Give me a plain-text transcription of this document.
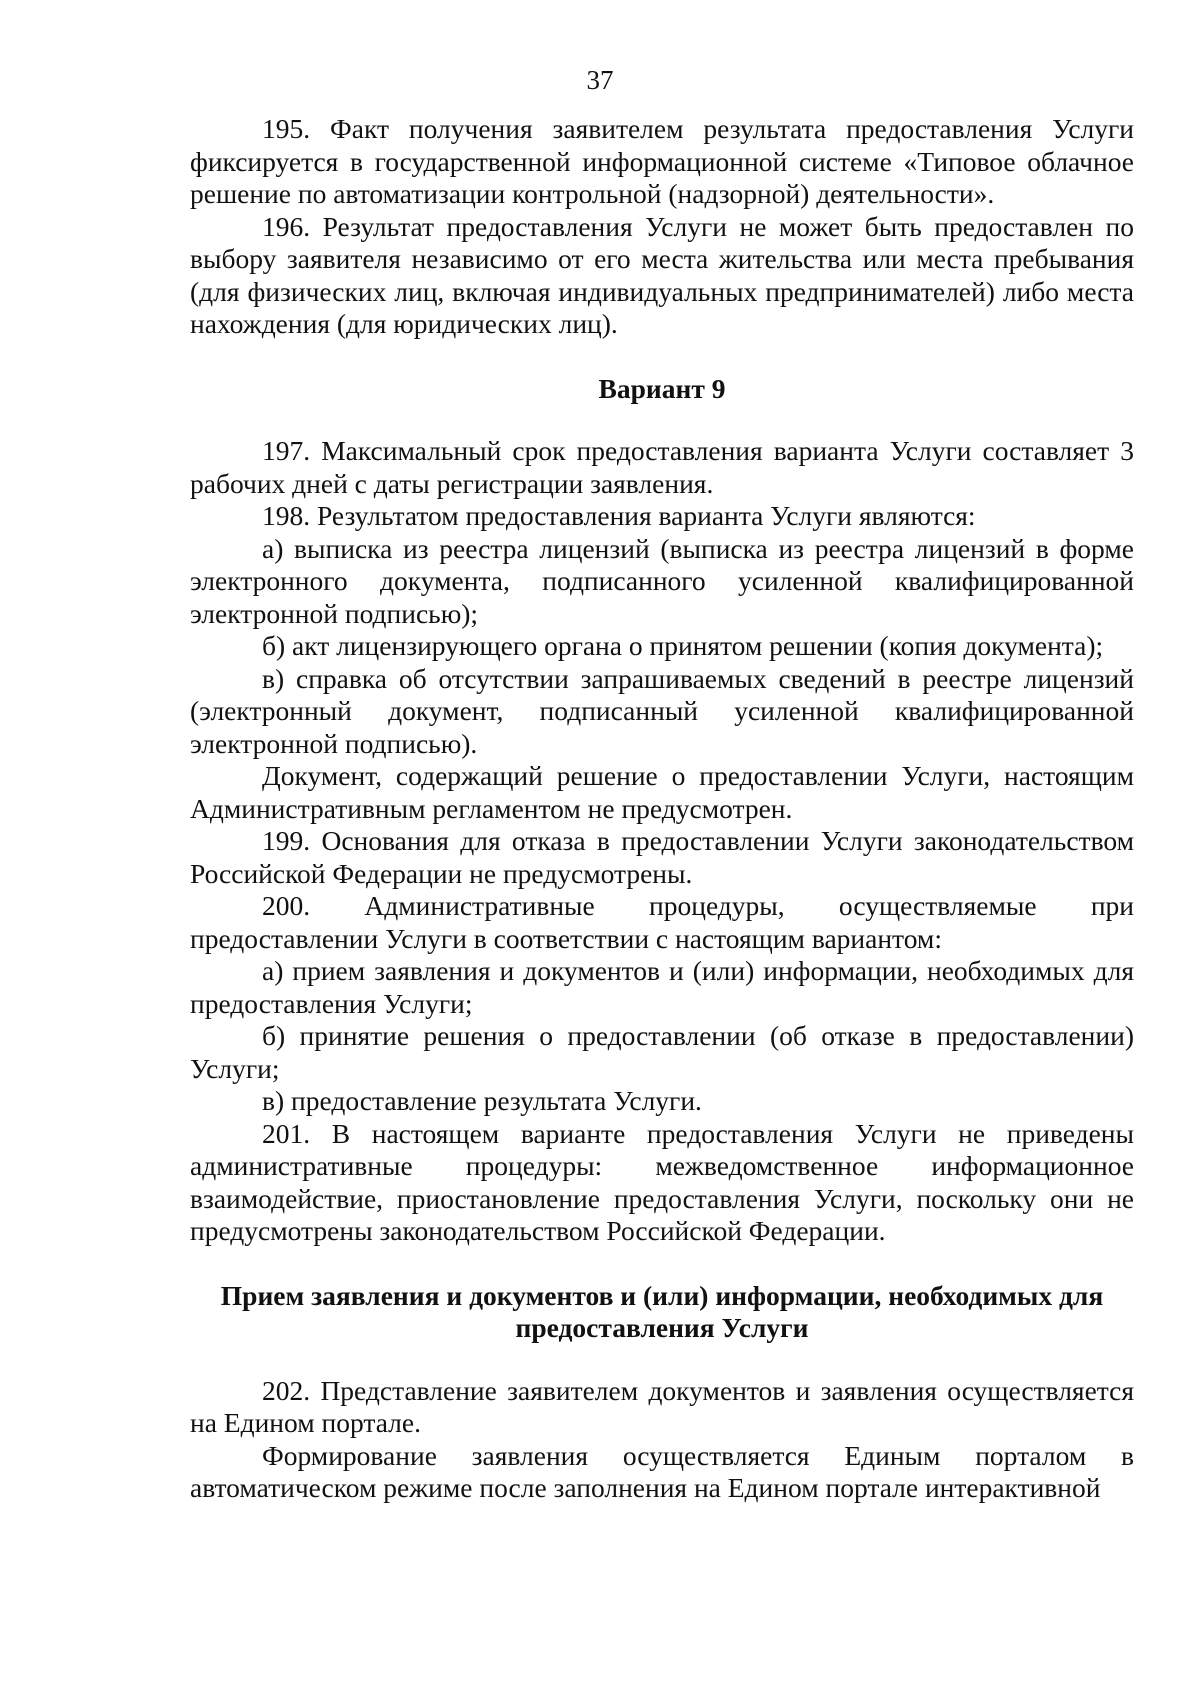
37

195. Факт получения заявителем результата предоставления Услуги фиксируется в государственной информационной системе «Типовое облачное решение по автоматизации контрольной (надзорной) деятельности».

196. Результат предоставления Услуги не может быть предоставлен по выбору заявителя независимо от его места жительства или места пребывания (для физических лиц, включая индивидуальных предпринимателей) либо места нахождения (для юридических лиц).

Вариант 9

197. Максимальный срок предоставления варианта Услуги составляет 3 рабочих дней с даты регистрации заявления.

198. Результатом предоставления варианта Услуги являются:

а) выписка из реестра лицензий (выписка из реестра лицензий в форме электронного документа, подписанного усиленной квалифицированной электронной подписью);

б) акт лицензирующего органа о принятом решении (копия документа);

в) справка об отсутствии запрашиваемых сведений в реестре лицензий (электронный документ, подписанный усиленной квалифицированной электронной подписью).

Документ, содержащий решение о предоставлении Услуги, настоящим Административным регламентом не предусмотрен.

199. Основания для отказа в предоставлении Услуги законодательством Российской Федерации не предусмотрены.

200. Административные процедуры, осуществляемые при предоставлении Услуги в соответствии с настоящим вариантом:

а) прием заявления и документов и (или) информации, необходимых для предоставления Услуги;

б) принятие решения о предоставлении (об отказе в предоставлении) Услуги;

в) предоставление результата Услуги.

201. В настоящем варианте предоставления Услуги не приведены административные процедуры: межведомственное информационное взаимодействие, приостановление предоставления Услуги, поскольку они не предусмотрены законодательством Российской Федерации.

Прием заявления и документов и (или) информации, необходимых для предоставления Услуги

202. Представление заявителем документов и заявления осуществляется на Едином портале.

Формирование заявления осуществляется Единым порталом в автоматическом режиме после заполнения на Едином портале интерактивной
